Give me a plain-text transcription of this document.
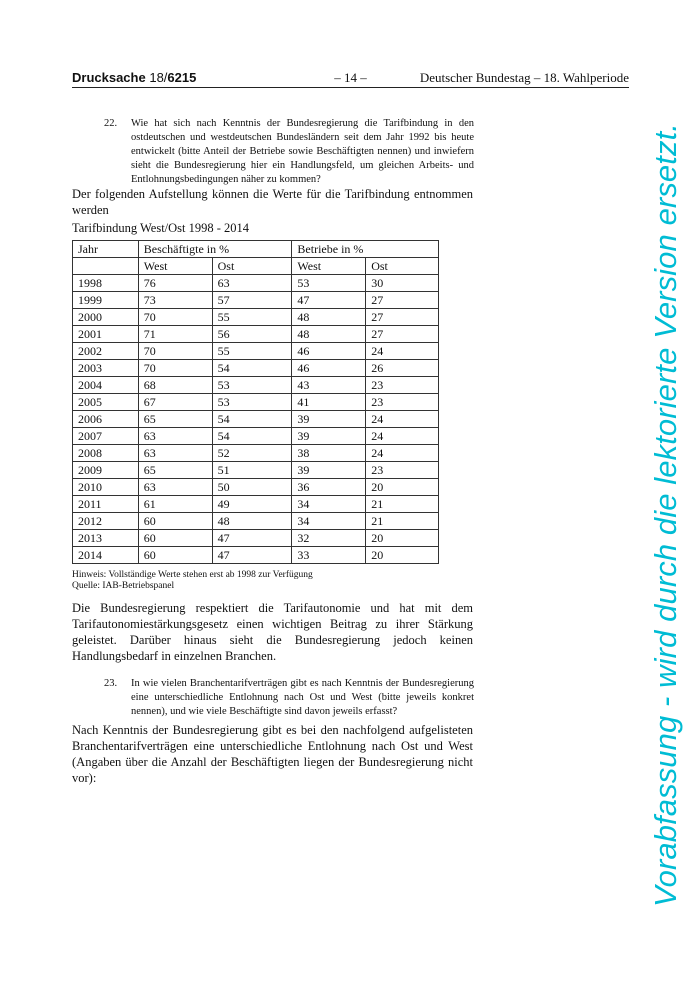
Drucksache 18/6215	– 14 –	Deutscher Bundestag – 18. Wahlperiode
22. Wie hat sich nach Kenntnis der Bundesregierung die Tarifbindung in den ostdeutschen und westdeutschen Bundesländern seit dem Jahr 1992 bis heute entwickelt (bitte Anteil der Betriebe sowie Beschäftigten nennen) und inwiefern sieht die Bundesregierung hier ein Handlungsfeld, um gleichen Arbeits- und Entlohnungsbedingungen näher zu kommen?
Der folgenden Aufstellung können die Werte für die Tarifbindung entnommen werden
Tarifbindung West/Ost 1998 - 2014
Jahr	Beschäftigte in %		Betriebe in %	
	West	Ost	West	Ost
1998	76	63	53	30
1999	73	57	47	27
2000	70	55	48	27
2001	71	56	48	27
2002	70	55	46	24
2003	70	54	46	26
2004	68	53	43	23
2005	67	53	41	23
2006	65	54	39	24
2007	63	54	39	24
2008	63	52	38	24
2009	65	51	39	23
2010	63	50	36	20
2011	61	49	34	21
2012	60	48	34	21
2013	60	47	32	20
2014	60	47	33	20
Hinweis: Vollständige Werte stehen erst ab 1998 zur Verfügung
Quelle: IAB-Betriebspanel
Die Bundesregierung respektiert die Tarifautonomie und hat mit dem Tarifautonomiestärkungsgesetz einen wichtigen Beitrag zu ihrer Stärkung geleistet. Darüber hinaus sieht die Bundesregierung jedoch keinen Handlungsbedarf in einzelnen Branchen.
23. In wie vielen Branchentarifverträgen gibt es nach Kenntnis der Bundesregierung eine unterschiedliche Entlohnung nach Ost und West (bitte jeweils konkret nennen), und wie viele Beschäftigte sind davon jeweils erfasst?
Nach Kenntnis der Bundesregierung gibt es bei den nachfolgend aufgelisteten Branchentarifverträgen eine unterschiedliche Entlohnung nach Ost und West (Angaben über die Anzahl der Beschäftigten liegen der Bundesregierung nicht vor):	Vorabfassung - wird durch die lektorierte Version ersetzt.
